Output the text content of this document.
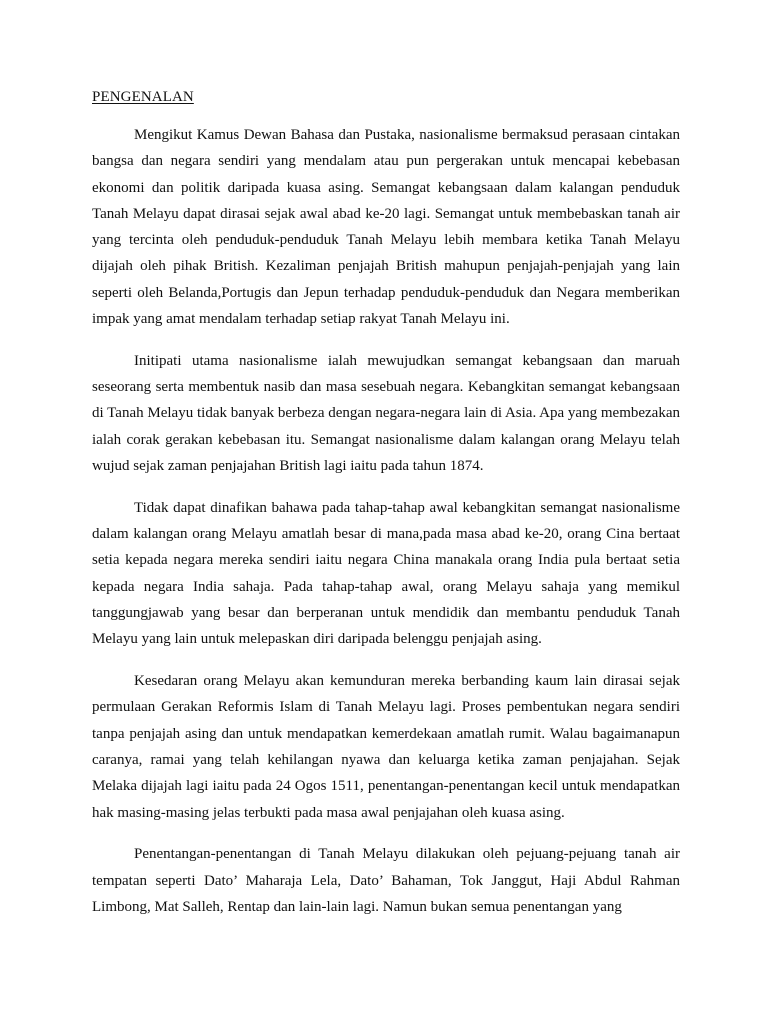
PENGENALAN

Mengikut Kamus Dewan Bahasa dan Pustaka, nasionalisme bermaksud perasaan cintakan bangsa dan negara sendiri yang mendalam atau pun pergerakan untuk mencapai kebebasan ekonomi dan politik daripada kuasa asing. Semangat kebangsaan dalam kalangan penduduk Tanah Melayu dapat dirasai sejak awal abad ke-20 lagi. Semangat untuk membebaskan tanah air yang tercinta oleh penduduk-penduduk Tanah Melayu lebih membara ketika Tanah Melayu dijajah oleh pihak British. Kezaliman penjajah British mahupun penjajah-penjajah yang lain seperti oleh Belanda,Portugis dan Jepun terhadap penduduk-penduduk dan Negara memberikan impak yang amat mendalam terhadap setiap rakyat Tanah Melayu ini.

Initipati utama nasionalisme ialah mewujudkan semangat kebangsaan dan maruah seseorang serta membentuk nasib dan masa sesebuah negara. Kebangkitan semangat kebangsaan di Tanah Melayu tidak banyak berbeza dengan negara-negara lain di Asia. Apa yang membezakan ialah corak gerakan kebebasan itu. Semangat nasionalisme dalam kalangan orang Melayu telah wujud sejak zaman penjajahan British lagi iaitu pada tahun 1874.

Tidak dapat dinafikan bahawa pada tahap-tahap awal kebangkitan semangat nasionalisme dalam kalangan orang Melayu amatlah besar di mana,pada masa abad ke-20, orang Cina bertaat setia kepada negara mereka sendiri iaitu negara China manakala orang India pula bertaat setia kepada negara India sahaja. Pada tahap-tahap awal, orang Melayu sahaja yang memikul tanggungjawab yang besar dan berperanan untuk mendidik dan membantu penduduk Tanah Melayu yang lain untuk melepaskan diri daripada belenggu penjajah asing.

Kesedaran orang Melayu akan kemunduran mereka berbanding kaum lain dirasai sejak permulaan Gerakan Reformis Islam di Tanah Melayu lagi. Proses pembentukan negara sendiri tanpa penjajah asing dan untuk mendapatkan kemerdekaan amatlah rumit. Walau bagaimanapun caranya, ramai yang telah kehilangan nyawa dan keluarga ketika zaman penjajahan. Sejak Melaka dijajah lagi iaitu pada 24 Ogos 1511, penentangan-penentangan kecil untuk mendapatkan hak masing-masing jelas terbukti pada masa awal penjajahan oleh kuasa asing.

Penentangan-penentangan di Tanah Melayu dilakukan oleh pejuang-pejuang tanah air tempatan seperti Dato’ Maharaja Lela, Dato’ Bahaman, Tok Janggut, Haji Abdul Rahman Limbong, Mat Salleh, Rentap dan lain-lain lagi. Namun bukan semua penentangan yang
